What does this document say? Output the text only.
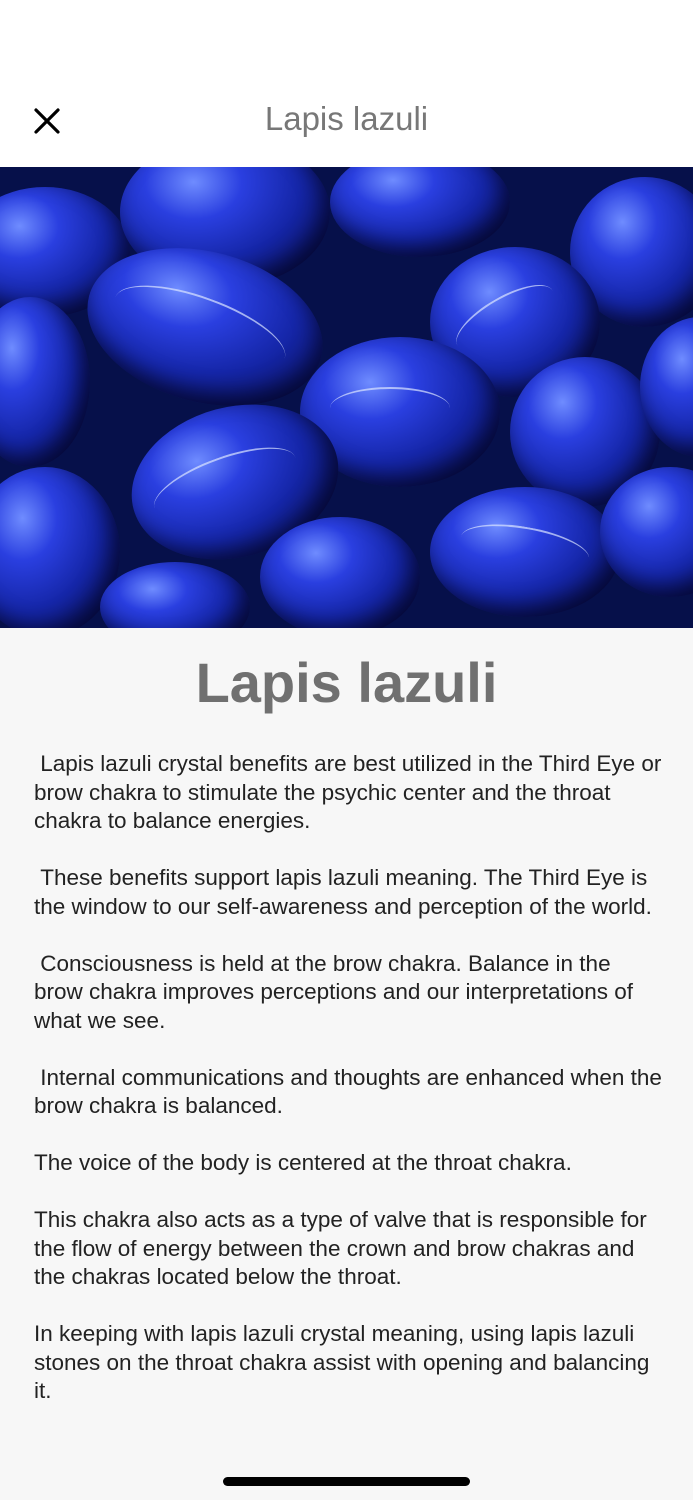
Lapis lazuli
Lapis lazuli

Lapis lazuli crystal benefits are best utilized in the Third Eye or brow chakra to stimulate the psychic center and the throat chakra to balance energies.

These benefits support lapis lazuli meaning. The Third Eye is the window to our self-awareness and perception of the world.

Consciousness is held at the brow chakra. Balance in the brow chakra improves perceptions and our interpretations of what we see.

Internal communications and thoughts are enhanced when the brow chakra is balanced.

The voice of the body is centered at the throat chakra.

This chakra also acts as a type of valve that is responsible for the flow of energy between the crown and brow chakras and the chakras located below the throat.

In keeping with lapis lazuli crystal meaning, using lapis lazuli stones on the throat chakra assist with opening and balancing it.
